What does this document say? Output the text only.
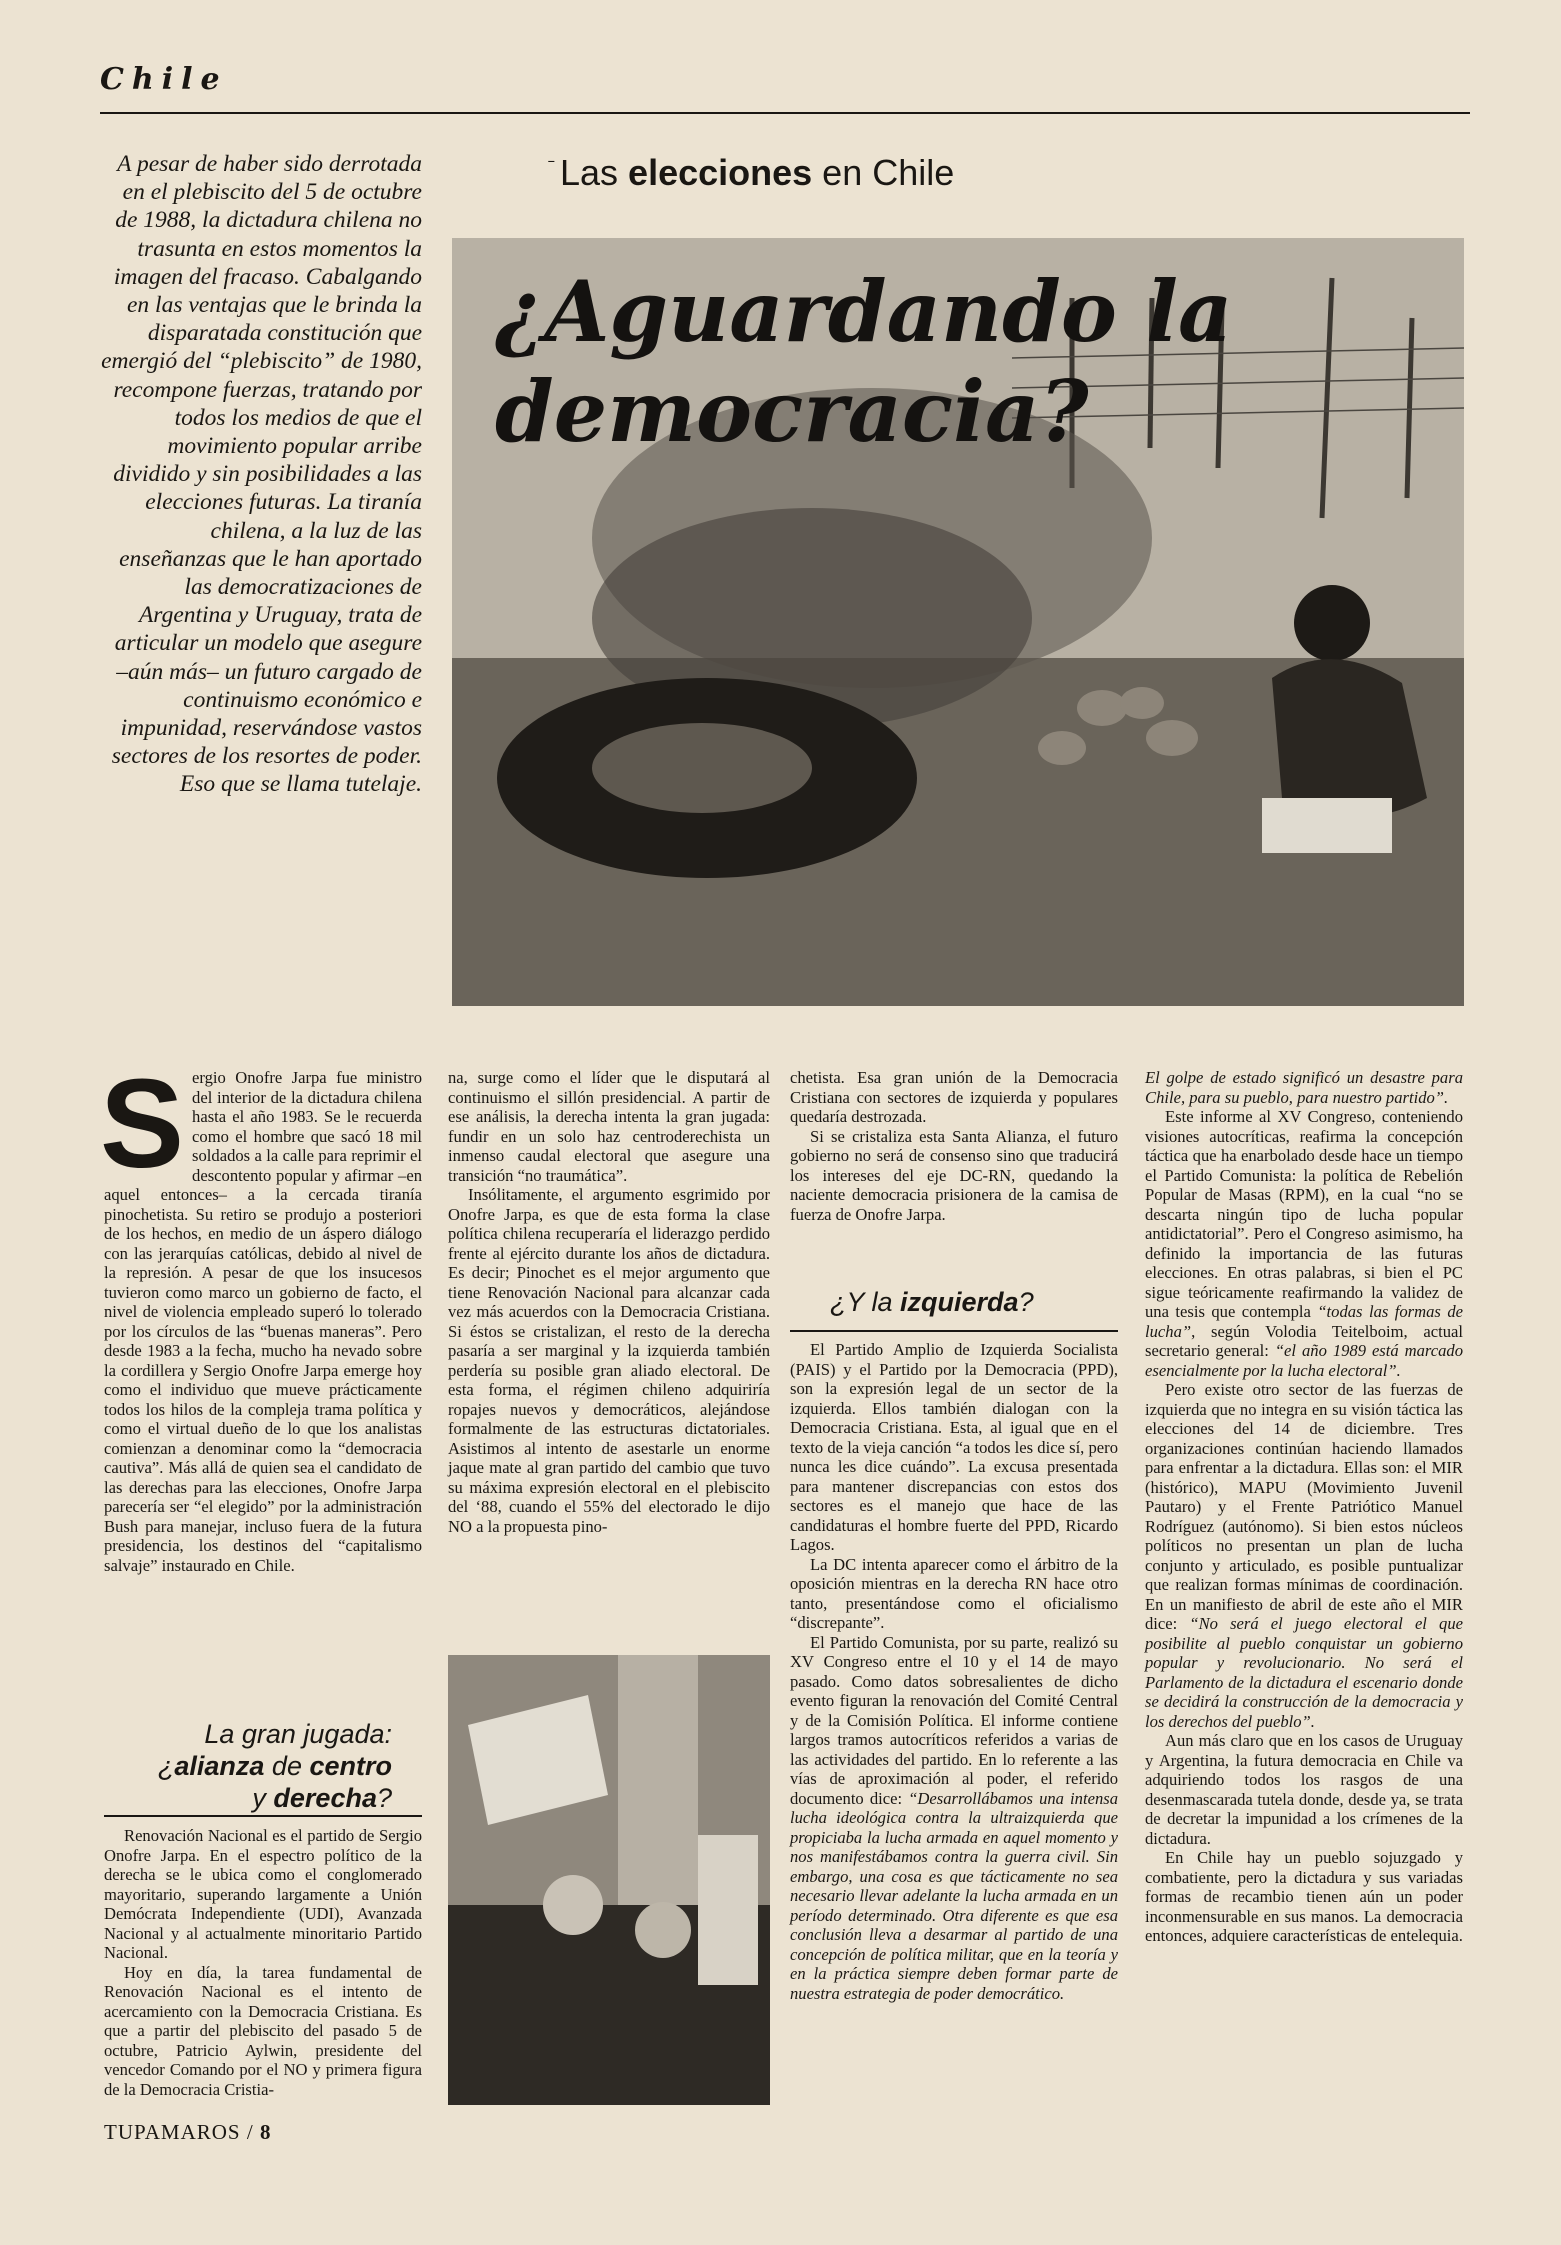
Chile
A pesar de haber sido derrotada en el plebiscito del 5 de octubre de 1988, la dictadura chilena no trasunta en estos momentos la imagen del fracaso. Cabalgando en las ventajas que le brinda la disparatada constitución que emergió del “plebiscito” de 1980, recompone fuerzas, tratando por todos los medios de que el movimiento popular arribe dividido y sin posibilidades a las elecciones futuras. La tiranía chilena, a la luz de las enseñanzas que le han aportado las democratizaciones de Argentina y Uruguay, trata de articular un modelo que asegure –aún más– un futuro cargado de continuismo económico e impunidad, reservándose vastos sectores de los resortes de poder. Eso que se llama tutelaje.
ˉ Las elecciones en Chile
¿Aguardando la democracia?
S ergio Onofre Jarpa fue ministro del interior de la dictadura chilena hasta el año 1983. Se le recuerda como el hombre que sacó 18 mil soldados a la calle para reprimir el descontento popular y afirmar –en aquel entonces– a la cercada tiranía pinochetista. Su retiro se produjo a posteriori de los hechos, en medio de un áspero diálogo con las jerarquías católicas, debido al nivel de la represión. A pesar de que los insucesos tuvieron como marco un gobierno de facto, el nivel de violencia empleado superó lo tolerado por los círculos de las “buenas maneras”. Pero desde 1983 a la fecha, mucho ha nevado sobre la cordillera y Sergio Onofre Jarpa emerge hoy como el individuo que mueve prácticamente todos los hilos de la compleja trama política y como el virtual dueño de lo que los analistas comienzan a denominar como la “democracia cautiva”. Más allá de quien sea el candidato de las derechas para las elecciones, Onofre Jarpa parecería ser “el elegido” por la administración Bush para manejar, incluso fuera de la futura presidencia, los destinos del “capitalismo salvaje” instaurado en Chile.
La gran jugada:
¿alianza de centro
y derecha?

Renovación Nacional es el partido de Sergio Onofre Jarpa. En el espectro político de la derecha se le ubica como el conglomerado mayoritario, superando largamente a Unión Demócrata Independiente (UDI), Avanzada Nacional y al actualmente minoritario Partido Nacional.

Hoy en día, la tarea fundamental de Renovación Nacional es el intento de acercamiento con la Democracia Cristiana. Es que a partir del plebiscito del pasado 5 de octubre, Patricio Aylwin, presidente del vencedor Comando por el NO y primera figura de la Democracia Cristia-

na, surge como el líder que le disputará al continuismo el sillón presidencial. A partir de ese análisis, la derecha intenta la gran jugada: fundir en un solo haz centroderechista un inmenso caudal electoral que asegure una transición “no traumática”.

Insólitamente, el argumento esgrimido por Onofre Jarpa, es que de esta forma la clase política chilena recuperaría el liderazgo perdido frente al ejército durante los años de dictadura. Es decir; Pinochet es el mejor argumento que tiene Renovación Nacional para alcanzar cada vez más acuerdos con la Democracia Cristiana. Si éstos se cristalizan, el resto de la derecha pasaría a ser marginal y la izquierda también perdería su posible gran aliado electoral. De esta forma, el régimen chileno adquiriría ropajes nuevos y democráticos, alejándose formalmente de las estructuras dictatoriales. Asistimos al intento de asestarle un enorme jaque mate al gran partido del cambio que tuvo su máxima expresión electoral en el plebiscito del ‘88, cuando el 55% del electorado le dijo NO a la propuesta pino-

chetista. Esa gran unión de la Democracia Cristiana con sectores de izquierda y populares quedaría destrozada.

Si se cristaliza esta Santa Alianza, el futuro gobierno no será de consenso sino que traducirá los intereses del eje DC-RN, quedando la naciente democracia prisionera de la camisa de fuerza de Onofre Jarpa.

¿Y la izquierda?

El Partido Amplio de Izquierda Socialista (PAIS) y el Partido por la Democracia (PPD), son la expresión legal de un sector de la izquierda. Ellos también dialogan con la Democracia Cristiana. Esta, al igual que en el texto de la vieja canción “a todos les dice sí, pero nunca les dice cuándo”. La excusa presentada para mantener discrepancias con estos dos sectores es el manejo que hace de las candidaturas el hombre fuerte del PPD, Ricardo Lagos.

La DC intenta aparecer como el árbitro de la oposición mientras en la derecha RN hace otro tanto, presentándose como el oficialismo “discrepante”.

El Partido Comunista, por su parte, realizó su XV Congreso entre el 10 y el 14 de mayo pasado. Como datos sobresalientes de dicho evento figuran la renovación del Comité Central y de la Comisión Política. El informe contiene largos tramos autocríticos referidos a varias de las actividades del partido. En lo referente a las vías de aproximación al poder, el referido documento dice: “Desarrollábamos una intensa lucha ideológica contra la ultraizquierda que propiciaba la lucha armada en aquel momento y nos manifestábamos contra la guerra civil. Sin embargo, una cosa es que tácticamente no sea necesario llevar adelante la lucha armada en un período determinado. Otra diferente es que esa conclusión lleva a desarmar al partido de una concepción de política militar, que en la teoría y en la práctica siempre deben formar parte de nuestra estrategia de poder democrático.

El golpe de estado significó un desastre para Chile, para su pueblo, para nuestro partido”.

Este informe al XV Congreso, conteniendo visiones autocríticas, reafirma la concepción táctica que ha enarbolado desde hace un tiempo el Partido Comunista: la política de Rebelión Popular de Masas (RPM), en la cual “no se descarta ningún tipo de lucha popular antidictatorial”. Pero el Congreso asimismo, ha definido la importancia de las futuras elecciones. En otras palabras, si bien el PC sigue teóricamente reafirmando la validez de una tesis que contempla “todas las formas de lucha”, según Volodia Teitelboim, actual secretario general: “el año 1989 está marcado esencialmente por la lucha electoral”.

Pero existe otro sector de las fuerzas de izquierda que no integra en su visión táctica las elecciones del 14 de diciembre. Tres organizaciones continúan haciendo llamados para enfrentar a la dictadura. Ellas son: el MIR (histórico), MAPU (Movimiento Juvenil Pautaro) y el Frente Patriótico Manuel Rodríguez (autónomo). Si bien estos núcleos políticos no presentan un plan de lucha conjunto y articulado, es posible puntualizar que realizan formas mínimas de coordinación. En un manifiesto de abril de este año el MIR dice: “No será el juego electoral el que posibilite al pueblo conquistar un gobierno popular y revolucionario. No será el Parlamento de la dictadura el escenario donde se decidirá la construcción de la democracia y los derechos del pueblo”.

Aun más claro que en los casos de Uruguay y Argentina, la futura democracia en Chile va adquiriendo todos los rasgos de una desenmascarada tutela donde, desde ya, se trata de decretar la impunidad a los crímenes de la dictadura.

En Chile hay un pueblo sojuzgado y combatiente, pero la dictadura y sus variadas formas de recambio tienen aún un poder inconmensurable en sus manos. La democracia entonces, adquiere características de entelequia.

TUPAMAROS / 8
